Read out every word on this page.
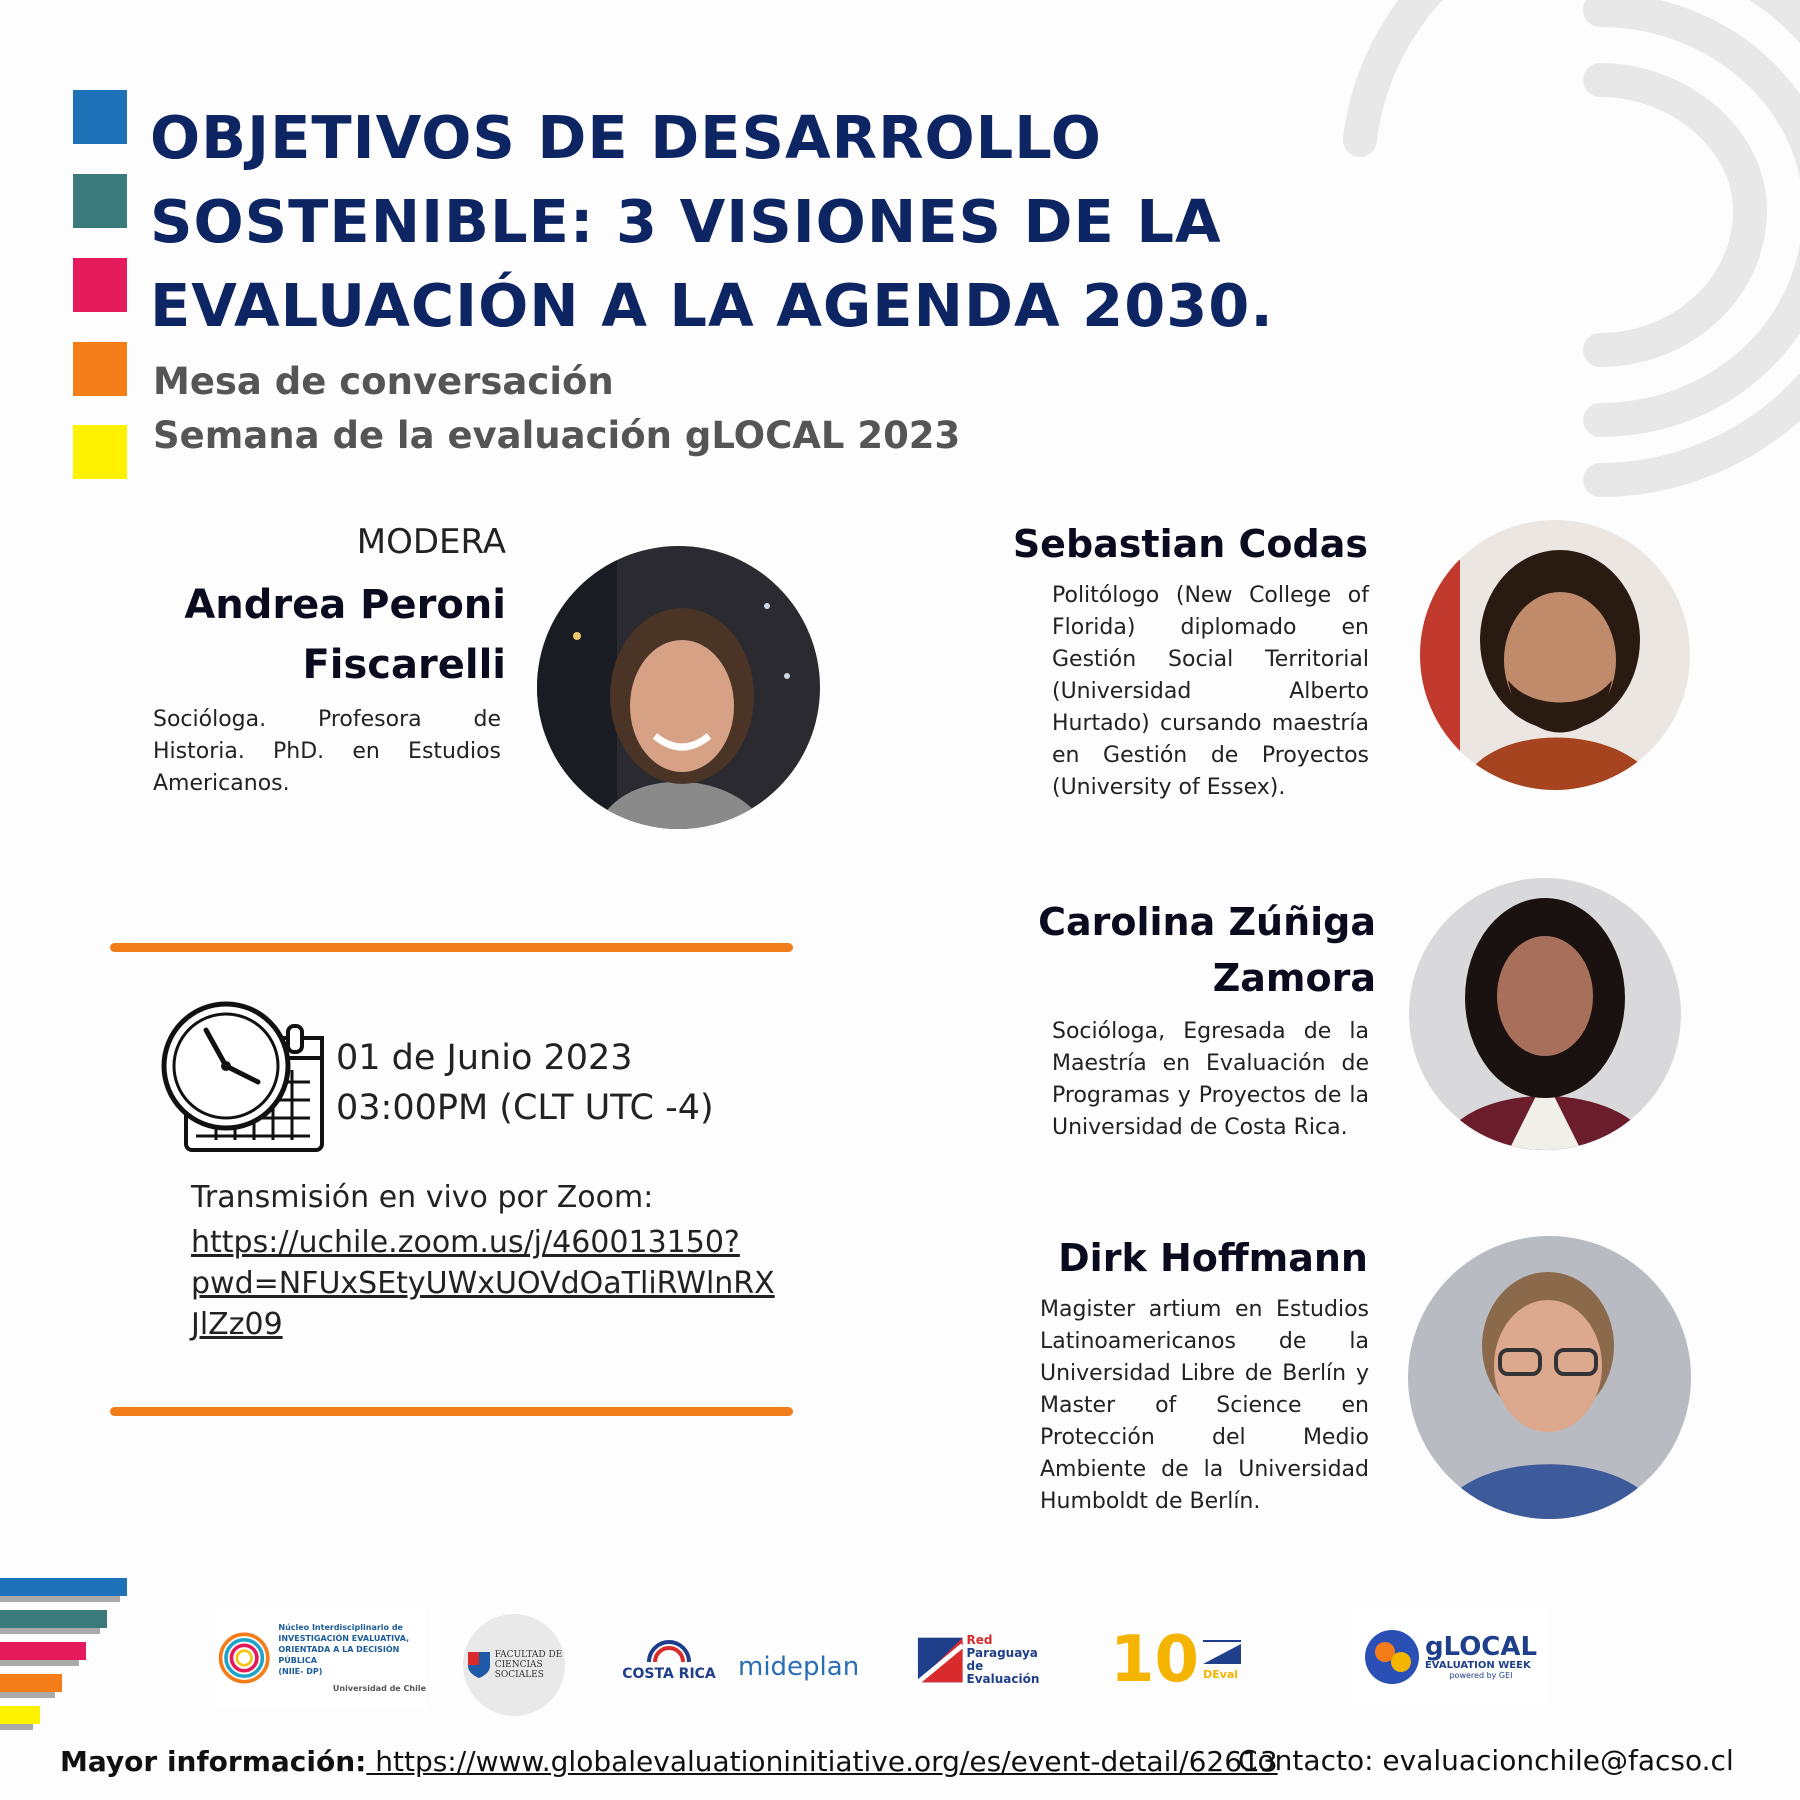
OBJETIVOS DE DESARROLLO
SOSTENIBLE: 3 VISIONES DE LA
EVALUACIÓN A LA AGENDA 2030.
Mesa de conversación
Semana de la evaluación gLOCAL 2023
MODERA
Andrea Peroni
Fiscarelli
Socióloga. Profesora de Historia. PhD. en Estudios Americanos.
Sebastian Codas
Politólogo (New College of Florida) diplomado en Gestión Social Territorial (Universidad Alberto Hurtado) cursando maestría en Gestión de Proyectos (University of Essex).
Carolina Zúñiga
Zamora
Socióloga, Egresada de la Maestría en Evaluación de Programas y Proyectos de la Universidad de Costa Rica.
Dirk Hoffmann
Magister artium en Estudios Latinoamericanos de la Universidad Libre de Berlín y Master of Science en Protección del Medio Ambiente de la Universidad Humboldt de Berlín.
01 de Junio 2023
03:00PM (CLT UTC -4)
Transmisión en vivo por Zoom:
https://uchile.zoom.us/j/460013150?
pwd=NFUxSEtyUWxUOVdOaTliRWlnRX
JlZz09
Núcleo Interdisciplinario de
INVESTIGACIÓN EVALUATIVA,
ORIENTADA A LA DECISIÓN PÚBLICA
(NIIE- DP)
Universidad de Chile
FACULTAD DE
CIENCIAS
SOCIALES	COSTA RICA mideplan
Red
Paraguaya de
Evaluación 10 DEval
gLOCAL
EVALUATION WEEK
powered by GEI
Mayor información: https://www.globalevaluationinitiative.org/es/event-detail/62613
Contacto: evaluacionchile@facso.cl
